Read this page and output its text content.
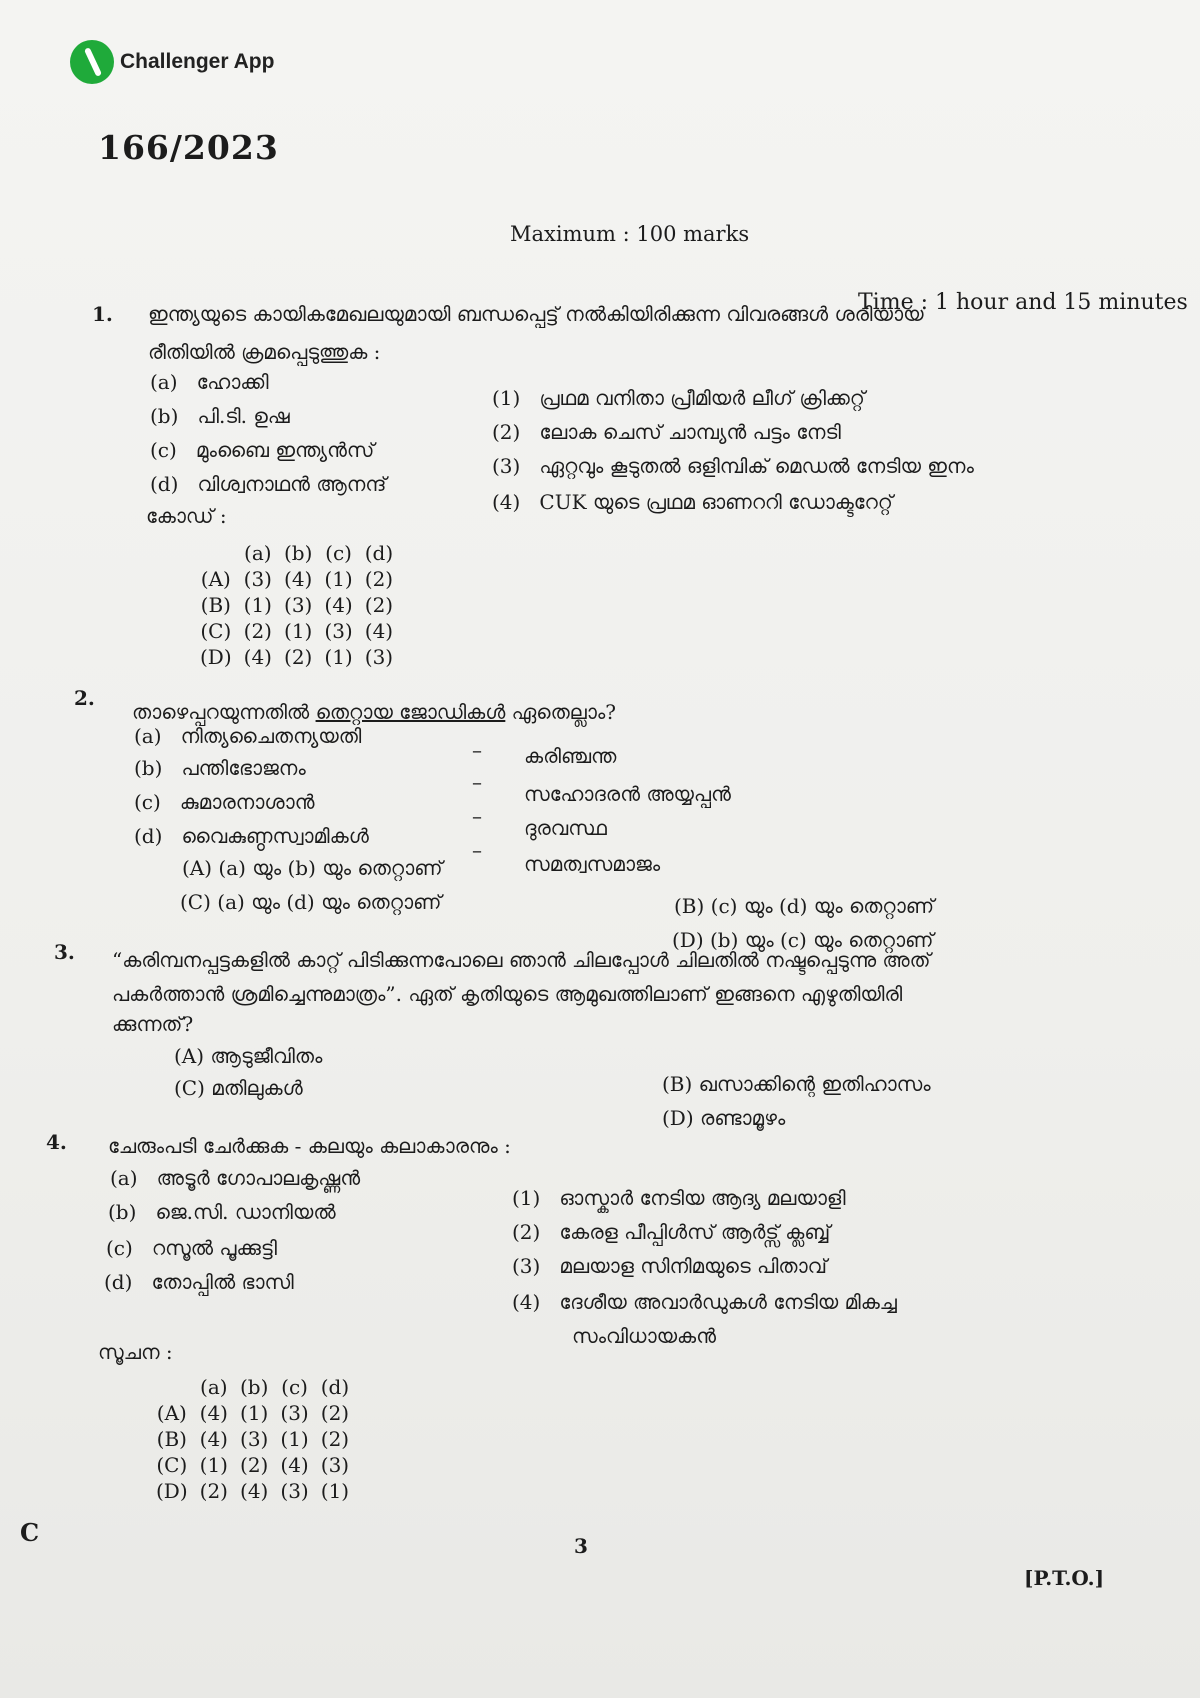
Challenger App
166/2023
Maximum : 100 marks
Time : 1 hour and 15 minutes
1. ഇന്ത്യയുടെ കായികമേഖലയുമായി ബന്ധപ്പെട്ട് നൽകിയിരിക്കുന്ന വിവരങ്ങൾ ശരിയായ
രീതിയിൽ ക്രമപ്പെടുത്തുക :
(a) ഹോക്കി
(b) പി.ടി. ഉഷ
(c) മുംബൈ ഇന്ത്യൻസ്
(d) വിശ്വനാഥൻ ആനന്ദ്
(1) പ്രഥമ വനിതാ പ്രീമിയർ ലീഗ് ക്രിക്കറ്റ്
(2) ലോക ചെസ് ചാമ്പ്യൻ പട്ടം നേടി
(3) ഏറ്റവും കൂടുതൽ ഒളിമ്പിക് മെഡൽ നേടിയ ഇനം
(4) CUK യുടെ പ്രഥമ ഓണററി ഡോക്ടറേറ്റ്
കോഡ് :
	(a)	(b)	(c)	(d)
(A)	(3)	(4)	(1)	(2)
(B)	(1)	(3)	(4)	(2)
(C)	(2)	(1)	(3)	(4)
(D)	(4)	(2)	(1)	(3)
2.
താഴെപ്പറയുന്നതിൽ തെറ്റായ ജോഡികൾ ഏതെല്ലാം?
(a) നിത്യചൈതന്യയതി
– കരിഞ്ചന്ത
(b) പന്തിഭോജനം
– സഹോദരൻ അയ്യപ്പൻ
(c) കുമാരനാശാൻ
– ദുരവസ്ഥ
(d) വൈകുണ്ഠസ്വാമികൾ
–
സമത്വസമാജം
(A) (a) യും (b) യും തെറ്റാണ്
(C) (a) യും (d) യും തെറ്റാണ്	(B) (c) യും (d) യും തെറ്റാണ്
(D) (b) യും (c) യും തെറ്റാണ്
3. “കരിമ്പനപ്പട്ടകളിൽ കാറ്റ് പിടിക്കുന്നപോലെ ഞാൻ ചിലപ്പോൾ ചിലതിൽ നഷ്ടപ്പെടുന്നു അത്
പകർത്താൻ ശ്രമിച്ചെന്നുമാത്രം”. ഏത് കൃതിയുടെ ആമുഖത്തിലാണ് ഇങ്ങനെ എഴുതിയിരി
ക്കുന്നത്?
(A) ആടുജീവിതം
(C) മതിലുകൾ	(B) ഖസാക്കിന്റെ ഇതിഹാസം
(D) രണ്ടാമൂഴം
4. ചേരുംപടി ചേർക്കുക - കലയും കലാകാരനും :
(a) അടൂർ ഗോപാലകൃഷ്ണൻ
(b) ജെ.സി. ഡാനിയൽ
(c) റസൂൽ പൂക്കുട്ടി
(d) തോപ്പിൽ ഭാസി
(1) ഓസ്കാർ നേടിയ ആദ്യ മലയാളി
(2) കേരള പീപ്പിൾസ് ആർട്സ് ക്ലബ്ബ്
(3) മലയാള സിനിമയുടെ പിതാവ്
(4) ദേശീയ അവാർഡുകൾ നേടിയ മികച്ച
സംവിധായകൻ
സൂചന :
	(a)	(b)	(c)	(d)
(A)	(4)	(1)	(3)	(2)
(B)	(4)	(3)	(1)	(2)
(C)	(1)	(2)	(4)	(3)
(D)	(2)	(4)	(3)	(1)
C	3
[P.T.O.]
